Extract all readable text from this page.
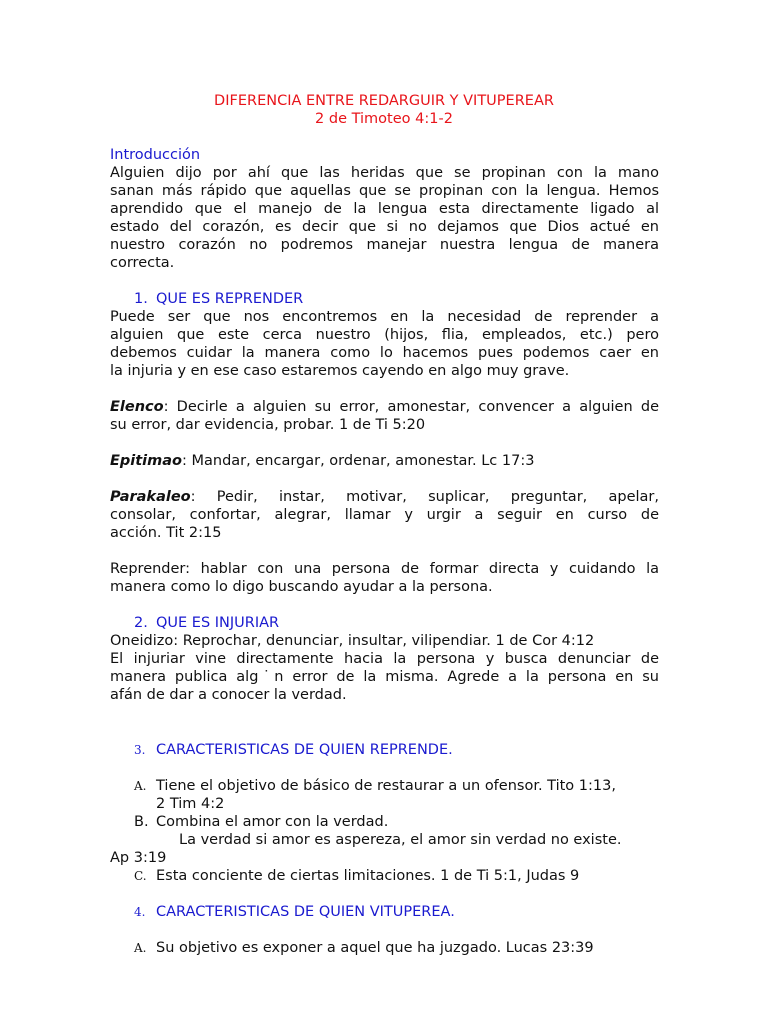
DIFERENCIA ENTRE REDARGUIR Y VITUPEREAR
2 de Timoteo 4:1-2
Introducción
Alguien dijo por ahí que las heridas que se propinan con la mano
sanan más rápido que aquellas que se propinan con la lengua. Hemos
aprendido que el manejo de la lengua esta directamente ligado al
estado del corazón, es decir que si no dejamos que Dios actué en
nuestro corazón no podremos manejar nuestra lengua de manera
correcta.
1. QUE ES REPRENDER
Puede ser que nos encontremos en la necesidad de reprender a
alguien que este cerca nuestro (hijos, flia, empleados, etc.) pero
debemos cuidar la manera como lo hacemos pues podemos caer en
la injuria y en ese caso estaremos cayendo en algo muy grave.
Elenco: Decirle a alguien su error, amonestar, convencer a alguien de
su error, dar evidencia, probar. 1 de Ti 5:20
Epitimao: Mandar, encargar, ordenar, amonestar. Lc 17:3
Parakaleo: Pedir, instar, motivar, suplicar, preguntar, apelar,
consolar, confortar, alegrar, llamar y urgir a seguir en curso de
acción. Tit 2:15
Reprender: hablar con una persona de formar directa y cuidando la
manera como lo digo buscando ayudar a la persona.
2. QUE ES INJURIAR
Oneidizo: Reprochar, denunciar, insultar, vilipendiar. 1 de Cor 4:12
El injuriar vine directamente hacia la persona y busca denunciar de
manera publica alg˙n error de la misma. Agrede a la persona en su
afán de dar a conocer la verdad.
3. CARACTERISTICAS DE QUIEN REPRENDE.
A. Tiene el objetivo de básico de restaurar a un ofensor. Tito 1:13,
2 Tim 4:2
B. Combina el amor con la verdad.
La verdad si amor es aspereza, el amor sin verdad no existe.
Ap 3:19
C. Esta conciente de ciertas limitaciones. 1 de Ti 5:1, Judas 9
4. CARACTERISTICAS DE QUIEN VITUPEREA.
A. Su objetivo es exponer a aquel que ha juzgado. Lucas 23:39
